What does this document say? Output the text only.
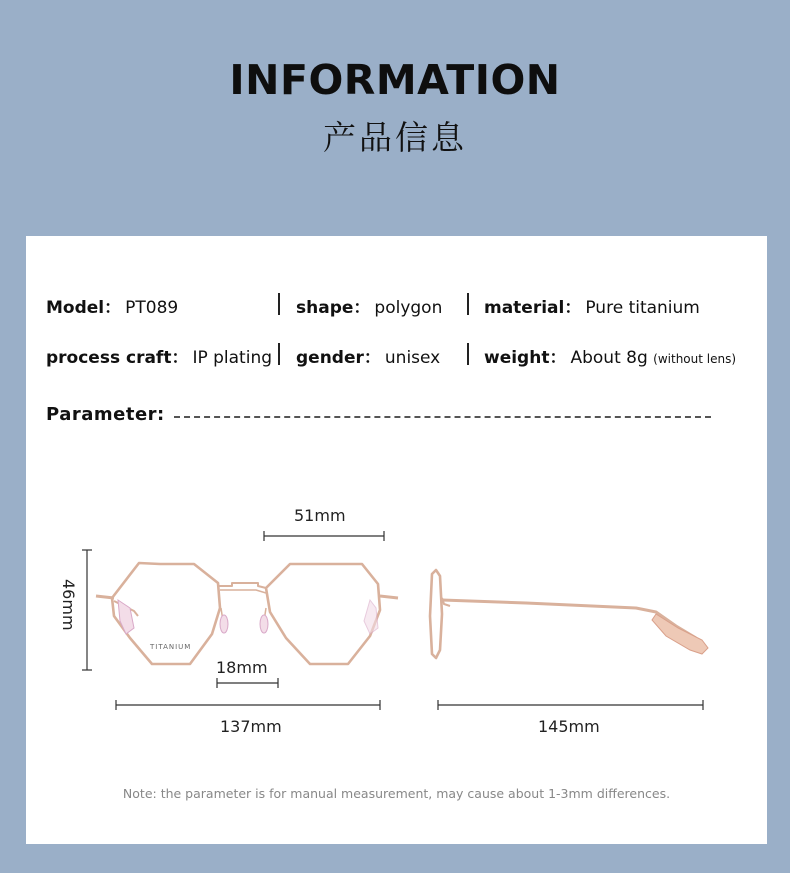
INFORMATION
产品信息
Model： PT089	shape： polygon material： Pure titanium
process craft： IP plating gender： unisex	weight： About 8g (without lens)
Parameter:
TITANIUM
51mm
46mm
18mm
137mm	145mm
Note: the parameter is for manual measurement, may cause about 1-3mm differences.
